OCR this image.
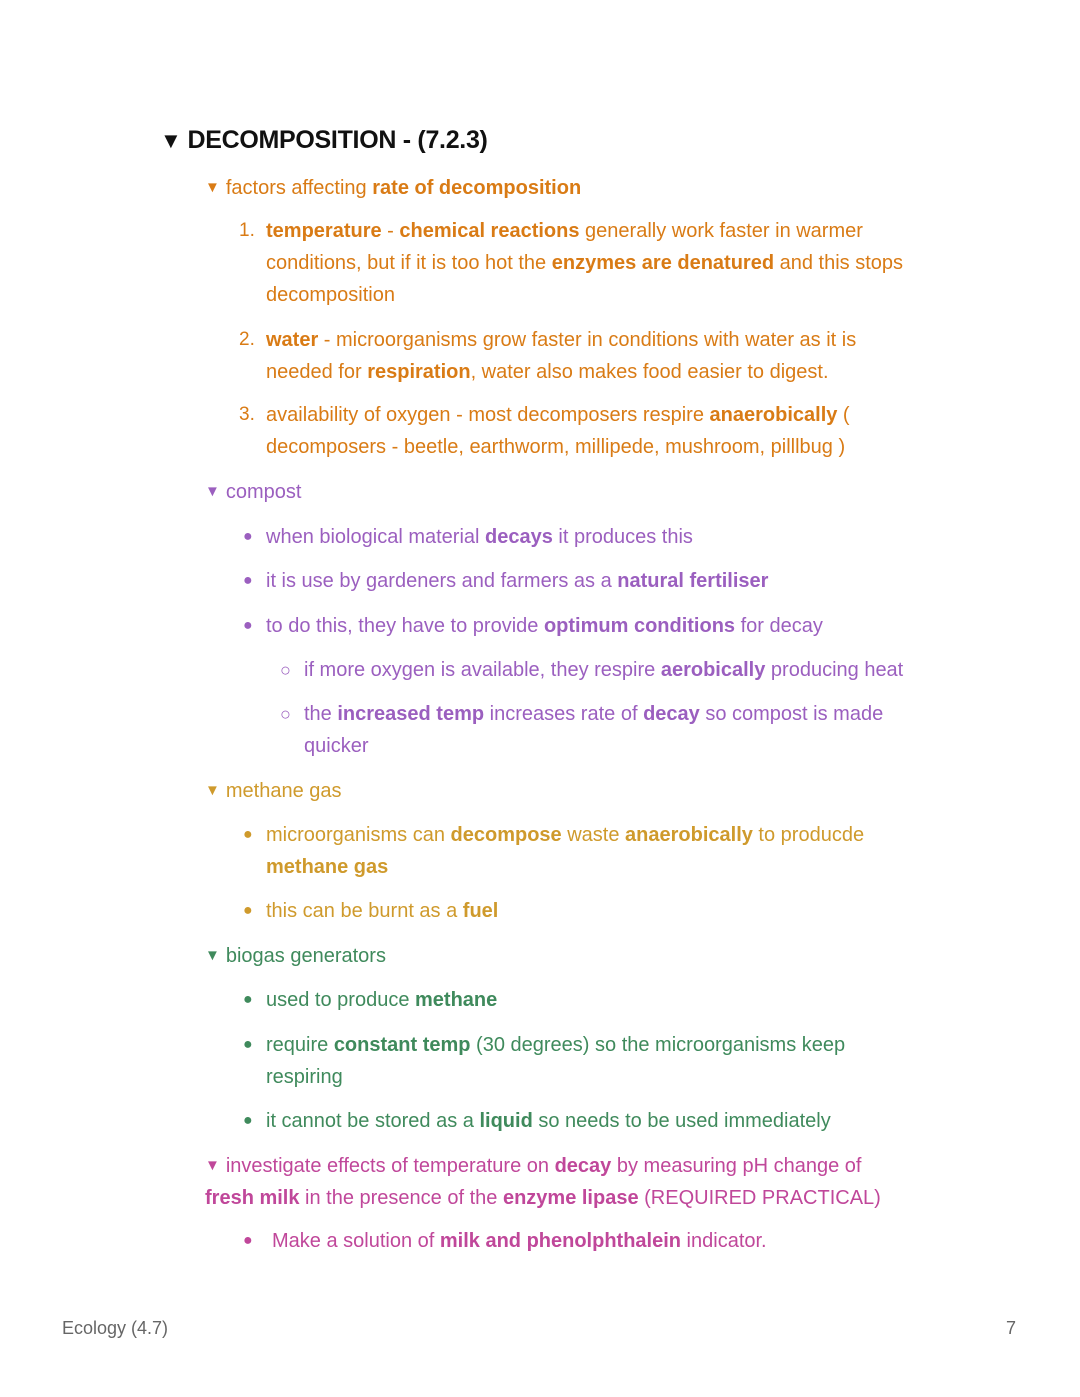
▼ DECOMPOSITION - (7.2.3)
▼ factors affecting rate of decomposition
1. temperature - chemical reactions generally work faster in warmer
conditions, but if it is too hot the enzymes are denatured and this stops
decomposition
2. water - microorganisms grow faster in conditions with water as it is
needed for respiration, water also makes food easier to digest.
3. availability of oxygen - most decomposers respire anaerobically (
decomposers - beetle, earthworm, millipede, mushroom, pilllbug )
▼ compost
● when biological material decays it produces this
● it is use by gardeners and farmers as a natural fertiliser
● to do this, they have to provide optimum conditions for decay
○ if more oxygen is available, they respire aerobically producing heat
○ the increased temp increases rate of decay so compost is made
quicker
▼ methane gas
● microorganisms can decompose waste anaerobically to producde
methane gas
● this can be burnt as a fuel
▼ biogas generators
● used to produce methane
● require constant temp (30 degrees) so the microorganisms keep
respiring
● it cannot be stored as a liquid so needs to be used immediately
▼ investigate effects of temperature on decay by measuring pH change of
fresh milk in the presence of the enzyme lipase (REQUIRED PRACTICAL)
● Make a solution of milk and phenolphthalein indicator.
Ecology (4.7)	7
